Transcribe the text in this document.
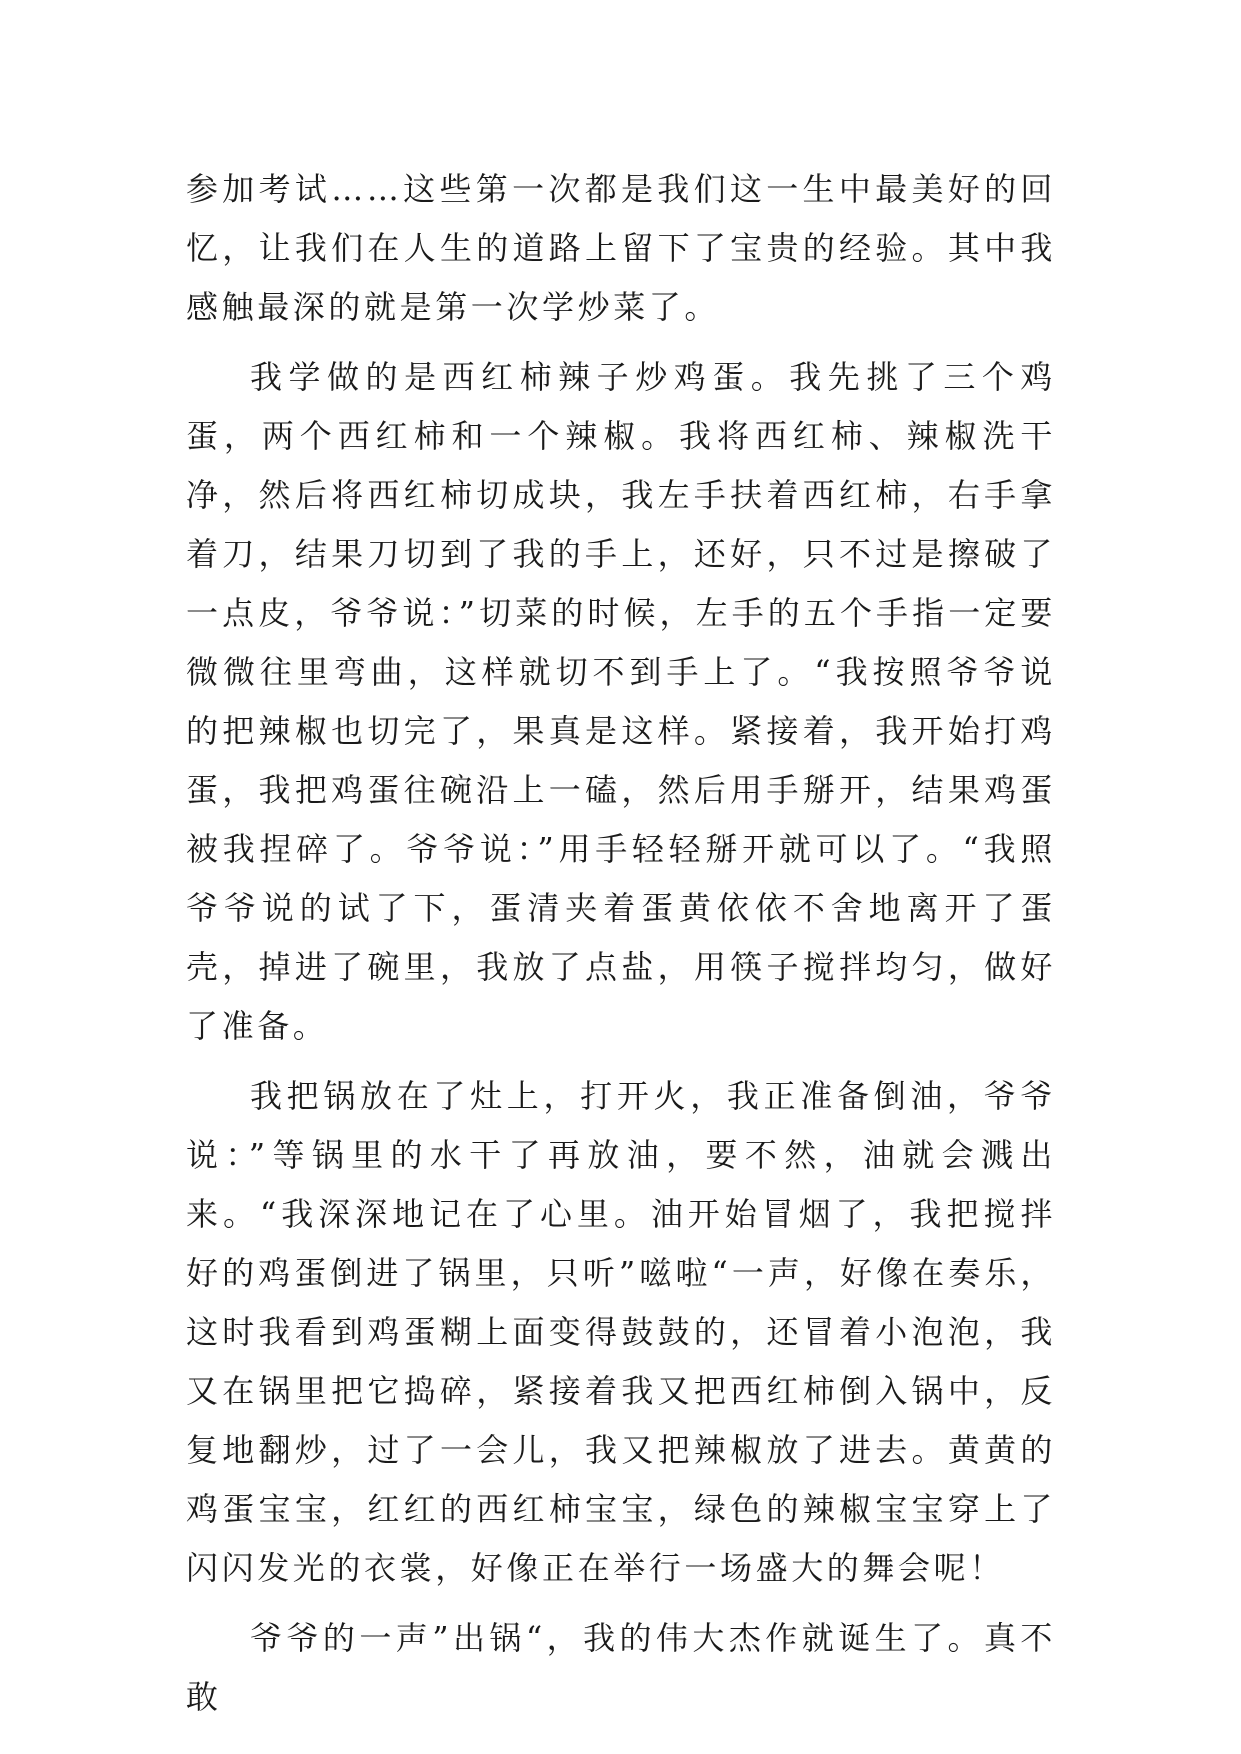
参加考试……这些第一次都是我们这一生中最美好的回忆，让我们在人生的道路上留下了宝贵的经验。其中我感触最深的就是第一次学炒菜了。

我学做的是西红柿辣子炒鸡蛋。我先挑了三个鸡蛋，两个西红柿和一个辣椒。我将西红柿、辣椒洗干净，然后将西红柿切成块，我左手扶着西红柿，右手拿着刀，结果刀切到了我的手上，还好，只不过是擦破了一点皮，爷爷说：”切菜的时候，左手的五个手指一定要微微往里弯曲，这样就切不到手上了。“我按照爷爷说的把辣椒也切完了，果真是这样。紧接着，我开始打鸡蛋，我把鸡蛋往碗沿上一磕，然后用手掰开，结果鸡蛋被我捏碎了。爷爷说：”用手轻轻掰开就可以了。“我照爷爷说的试了下，蛋清夹着蛋黄依依不舍地离开了蛋壳，掉进了碗里，我放了点盐，用筷子搅拌均匀，做好了准备。

我把锅放在了灶上，打开火，我正准备倒油，爷爷说：”等锅里的水干了再放油，要不然，油就会溅出来。“我深深地记在了心里。油开始冒烟了，我把搅拌好的鸡蛋倒进了锅里，只听”嗞啦“一声，好像在奏乐，这时我看到鸡蛋糊上面变得鼓鼓的，还冒着小泡泡，我又在锅里把它捣碎，紧接着我又把西红柿倒入锅中，反复地翻炒，过了一会儿，我又把辣椒放了进去。黄黄的鸡蛋宝宝，红红的西红柿宝宝，绿色的辣椒宝宝穿上了闪闪发光的衣裳，好像正在举行一场盛大的舞会呢！

爷爷的一声”出锅“，我的伟大杰作就诞生了。真不敢
